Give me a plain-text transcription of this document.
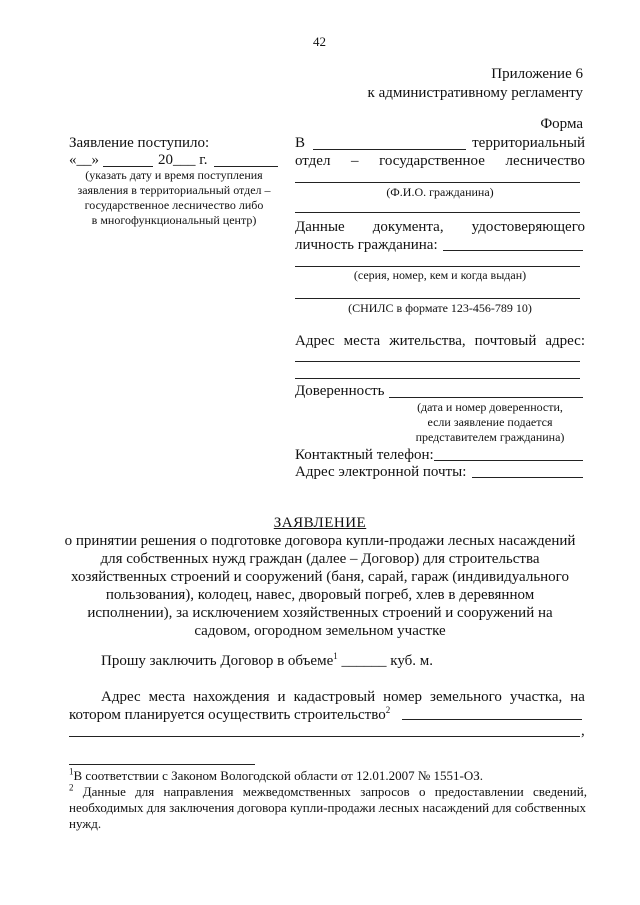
42
Приложение 6
к административному регламенту
Форма
Заявление поступило:
«__»	20___ г.
(указать дату и время поступления
заявления в территориальный отдел –
государственное лесничество либо
в многофункциональный центр)
В	территориальный
отдел – государственное лесничество
(Ф.И.О. гражданина)
Данные документа, удостоверяющего
личность гражданина:
(серия, номер, кем и когда выдан)
(СНИЛС в формате 123-456-789 10)
Адрес места жительства, почтовый адрес:
Доверенность
(дата и номер доверенности,
если заявление подается
представителем гражданина)
Контактный телефон:
Адрес электронной почты:
ЗАЯВЛЕНИЕ
о принятии решения о подготовке договора купли-продажи лесных насаждений
для собственных нужд граждан (далее – Договор) для строительства
хозяйственных строений и сооружений (баня, сарай, гараж (индивидуального
пользования), колодец, навес, дворовый погреб, хлев в деревянном
исполнении), за исключением хозяйственных строений и сооружений на
садовом, огородном земельном участке
Прошу заключить Договор в объеме$^1$ ______ куб. м.
Адрес места нахождения и кадастровый номер земельного участка, на
котором планируется осуществить строительство$^2$
,
$^1$В соответствии с Законом Вологодской области от 12.01.2007 № 1551-ОЗ.
$^2$ Данные для направления межведомственных запросов о предоставлении сведений,
необходимых для заключения договора купли-продажи лесных насаждений для собственных
нужд.
